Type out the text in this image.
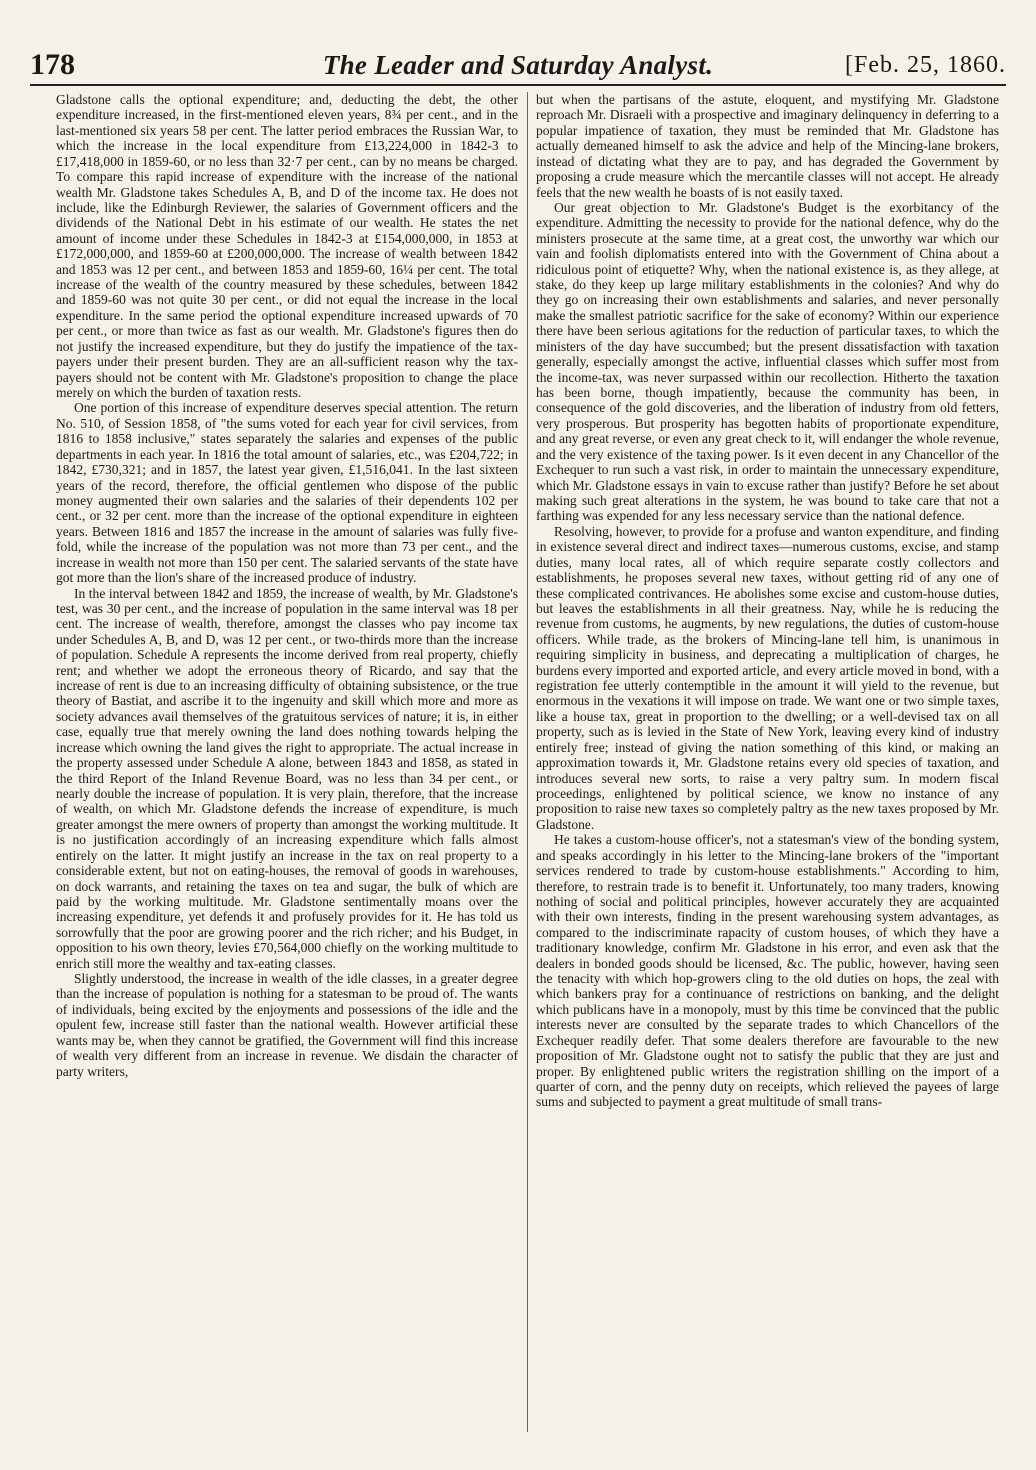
178	The Leader and Saturday Analyst.	[Feb. 25, 1860.

Gladstone calls the optional expenditure; and, deducting the debt, the other expenditure increased, in the first-mentioned eleven years, 8¾ per cent., and in the last-mentioned six years 58 per cent. The latter period embraces the Russian War, to which the increase in the local expenditure from £13,224,000 in 1842-3 to £17,418,000 in 1859-60, or no less than 32·7 per cent., can by no means be charged. To compare this rapid increase of expenditure with the increase of the national wealth Mr. Gladstone takes Schedules A, B, and D of the income tax. He does not include, like the Edinburgh Reviewer, the salaries of Government officers and the dividends of the National Debt in his estimate of our wealth. He states the net amount of income under these Schedules in 1842-3 at £154,000,000, in 1853 at £172,000,000, and 1859-60 at £200,000,000. The increase of wealth between 1842 and 1853 was 12 per cent., and between 1853 and 1859-60, 16¼ per cent. The total increase of the wealth of the country measured by these schedules, between 1842 and 1859-60 was not quite 30 per cent., or did not equal the increase in the local expenditure. In the same period the optional expenditure increased upwards of 70 per cent., or more than twice as fast as our wealth. Mr. Gladstone's figures then do not justify the increased expenditure, but they do justify the impatience of the tax-payers under their present burden. They are an all-sufficient reason why the tax-payers should not be content with Mr. Gladstone's proposition to change the place merely on which the burden of taxation rests.

One portion of this increase of expenditure deserves special attention. The return No. 510, of Session 1858, of "the sums voted for each year for civil services, from 1816 to 1858 inclusive," states separately the salaries and expenses of the public departments in each year. In 1816 the total amount of salaries, etc., was £204,722; in 1842, £730,321; and in 1857, the latest year given, £1,516,041. In the last sixteen years of the record, therefore, the official gentlemen who dispose of the public money augmented their own salaries and the salaries of their dependents 102 per cent., or 32 per cent. more than the increase of the optional expenditure in eighteen years. Between 1816 and 1857 the increase in the amount of salaries was fully five-fold, while the increase of the population was not more than 73 per cent., and the increase in wealth not more than 150 per cent. The salaried servants of the state have got more than the lion's share of the increased produce of industry.

In the interval between 1842 and 1859, the increase of wealth, by Mr. Gladstone's test, was 30 per cent., and the increase of population in the same interval was 18 per cent. The increase of wealth, therefore, amongst the classes who pay income tax under Schedules A, B, and D, was 12 per cent., or two-thirds more than the increase of population. Schedule A represents the income derived from real property, chiefly rent; and whether we adopt the erroneous theory of Ricardo, and say that the increase of rent is due to an increasing difficulty of obtaining subsistence, or the true theory of Bastiat, and ascribe it to the ingenuity and skill which more and more as society advances avail themselves of the gratuitous services of nature; it is, in either case, equally true that merely owning the land does nothing towards helping the increase which owning the land gives the right to appropriate. The actual increase in the property assessed under Schedule A alone, between 1843 and 1858, as stated in the third Report of the Inland Revenue Board, was no less than 34 per cent., or nearly double the increase of population. It is very plain, therefore, that the increase of wealth, on which Mr. Gladstone defends the increase of expenditure, is much greater amongst the mere owners of property than amongst the working multitude. It is no justification accordingly of an increasing expenditure which falls almost entirely on the latter. It might justify an increase in the tax on real property to a considerable extent, but not on eating-houses, the removal of goods in warehouses, on dock warrants, and retaining the taxes on tea and sugar, the bulk of which are paid by the working multitude. Mr. Gladstone sentimentally moans over the increasing expenditure, yet defends it and profusely provides for it. He has told us sorrowfully that the poor are growing poorer and the rich richer; and his Budget, in opposition to his own theory, levies £70,564,000 chiefly on the working multitude to enrich still more the wealthy and tax-eating classes.

Slightly understood, the increase in wealth of the idle classes, in a greater degree than the increase of population is nothing for a statesman to be proud of. The wants of individuals, being excited by the enjoyments and possessions of the idle and the opulent few, increase still faster than the national wealth. However artificial these wants may be, when they cannot be gratified, the Government will find this increase of wealth very different from an increase in revenue. We disdain the character of party writers,

but when the partisans of the astute, eloquent, and mystifying Mr. Gladstone reproach Mr. Disraeli with a prospective and imaginary delinquency in deferring to a popular impatience of taxation, they must be reminded that Mr. Gladstone has actually demeaned himself to ask the advice and help of the Mincing-lane brokers, instead of dictating what they are to pay, and has degraded the Government by proposing a crude measure which the mercantile classes will not accept. He already feels that the new wealth he boasts of is not easily taxed.

Our great objection to Mr. Gladstone's Budget is the exorbitancy of the expenditure. Admitting the necessity to provide for the national defence, why do the ministers prosecute at the same time, at a great cost, the unworthy war which our vain and foolish diplomatists entered into with the Government of China about a ridiculous point of etiquette? Why, when the national existence is, as they allege, at stake, do they keep up large military establishments in the colonies? And why do they go on increasing their own establishments and salaries, and never personally make the smallest patriotic sacrifice for the sake of economy? Within our experience there have been serious agitations for the reduction of particular taxes, to which the ministers of the day have succumbed; but the present dissatisfaction with taxation generally, especially amongst the active, influential classes which suffer most from the income-tax, was never surpassed within our recollection. Hitherto the taxation has been borne, though impatiently, because the community has been, in consequence of the gold discoveries, and the liberation of industry from old fetters, very prosperous. But prosperity has begotten habits of proportionate expenditure, and any great reverse, or even any great check to it, will endanger the whole revenue, and the very existence of the taxing power. Is it even decent in any Chancellor of the Exchequer to run such a vast risk, in order to maintain the unnecessary expenditure, which Mr. Gladstone essays in vain to excuse rather than justify? Before he set about making such great alterations in the system, he was bound to take care that not a farthing was expended for any less necessary service than the national defence.

Resolving, however, to provide for a profuse and wanton expenditure, and finding in existence several direct and indirect taxes—numerous customs, excise, and stamp duties, many local rates, all of which require separate costly collectors and establishments, he proposes several new taxes, without getting rid of any one of these complicated contrivances. He abolishes some excise and custom-house duties, but leaves the establishments in all their greatness. Nay, while he is reducing the revenue from customs, he augments, by new regulations, the duties of custom-house officers. While trade, as the brokers of Mincing-lane tell him, is unanimous in requiring simplicity in business, and deprecating a multiplication of charges, he burdens every imported and exported article, and every article moved in bond, with a registration fee utterly contemptible in the amount it will yield to the revenue, but enormous in the vexations it will impose on trade. We want one or two simple taxes, like a house tax, great in proportion to the dwelling; or a well-devised tax on all property, such as is levied in the State of New York, leaving every kind of industry entirely free; instead of giving the nation something of this kind, or making an approximation towards it, Mr. Gladstone retains every old species of taxation, and introduces several new sorts, to raise a very paltry sum. In modern fiscal proceedings, enlightened by political science, we know no instance of any proposition to raise new taxes so completely paltry as the new taxes proposed by Mr. Gladstone.

He takes a custom-house officer's, not a statesman's view of the bonding system, and speaks accordingly in his letter to the Mincing-lane brokers of the "important services rendered to trade by custom-house establishments." According to him, therefore, to restrain trade is to benefit it. Unfortunately, too many traders, knowing nothing of social and political principles, however accurately they are acquainted with their own interests, finding in the present warehousing system advantages, as compared to the indiscriminate rapacity of custom houses, of which they have a traditionary knowledge, confirm Mr. Gladstone in his error, and even ask that the dealers in bonded goods should be licensed, &c. The public, however, having seen the tenacity with which hop-growers cling to the old duties on hops, the zeal with which bankers pray for a continuance of restrictions on banking, and the delight which publicans have in a monopoly, must by this time be convinced that the public interests never are consulted by the separate trades to which Chancellors of the Exchequer readily defer. That some dealers therefore are favourable to the new proposition of Mr. Gladstone ought not to satisfy the public that they are just and proper. By enlightened public writers the registration shilling on the import of a quarter of corn, and the penny duty on receipts, which relieved the payees of large sums and subjected to payment a great multitude of small trans-
